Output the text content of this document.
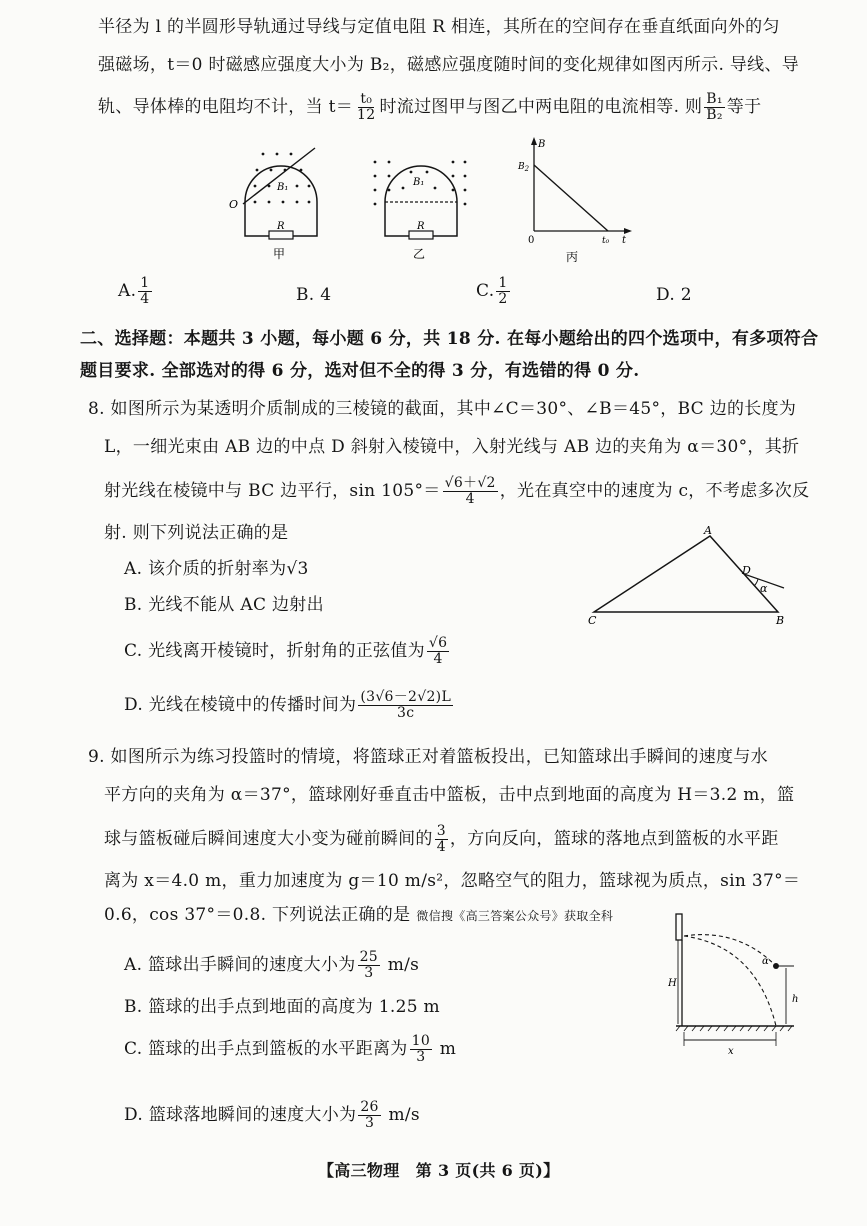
半径为 l 的半圆形导轨通过导线与定值电阻 R 相连，其所在的空间存在垂直纸面向外的匀
强磁场，t＝0 时磁感应强度大小为 B₂，磁感应强度随时间的变化规律如图丙所示. 导线、导
轨、导体棒的电阻均不计，当 $t= \frac{\text{t₀}}{12}$ 时流过图甲与图乙中两电阻的电流相等. 则 $\frac{\text{B₁}}{\text{B₂}}$ 等于
O
B₁
R
甲
B₁
R
乙
B
$B_2$
0	t₀ t
丙
A. $\frac{1}{4}$	B. 4	C. $\frac{1}{2}$	D. 2
二、选择题：本题共 3 小题，每小题 6 分，共 18 分. 在每小题给出的四个选项中，有多项符合
题目要求. 全部选对的得 6 分，选对但不全的得 3 分，有选错的得 0 分.
8. 如图所示为某透明介质制成的三棱镜的截面，其中∠C＝30°、∠B＝45°，BC 边的长度为
L，一细光束由 AB 边的中点 D 斜射入棱镜中，入射光线与 AB 边的夹角为 α＝30°，其折
射光线在棱镜中与 BC 边平行，$\sin 105^\circ= \frac{√6+√2}{4}$ ，光在真空中的速度为 c，不考虑多次反
射. 则下列说法正确的是
A. 该介质的折射率为√3
B. 光线不能从 AC 边射出
C. 光线离开棱镜时，折射角的正弦值为 $\frac{√6}{4}$
D. 光线在棱镜中的传播时间为 $\frac{(3√6-2√2)L}{3c}$
A
B
C
D
α
9. 如图所示为练习投篮时的情境，将篮球正对着篮板投出，已知篮球出手瞬间的速度与水
平方向的夹角为 α＝37°，篮球刚好垂直击中篮板，击中点到地面的高度为 H＝3.2 m，篮
球与篮板碰后瞬间速度大小变为碰前瞬间的 $\frac{3}{4}$ ，方向反向，篮球的落地点到篮板的水平距
离为 x＝4.0 m，重力加速度为 g＝10 m/s²，忽略空气的阻力，篮球视为质点，sin 37°＝
0.6，cos 37°＝0.8. 下列说法正确的是 微信搜《高三答案公众号》获取全科
A. 篮球出手瞬间的速度大小为 $\frac{25}{3} m/s$
B. 篮球的出手点到地面的高度为 1.25 m
C. 篮球的出手点到篮板的水平距离为 $\frac{10}{3}$ m
D. 篮球落地瞬间的速度大小为 $\frac{26}{3} m/s$
H
h
x
α
【高三物理　第 3 页(共 6 页)】
